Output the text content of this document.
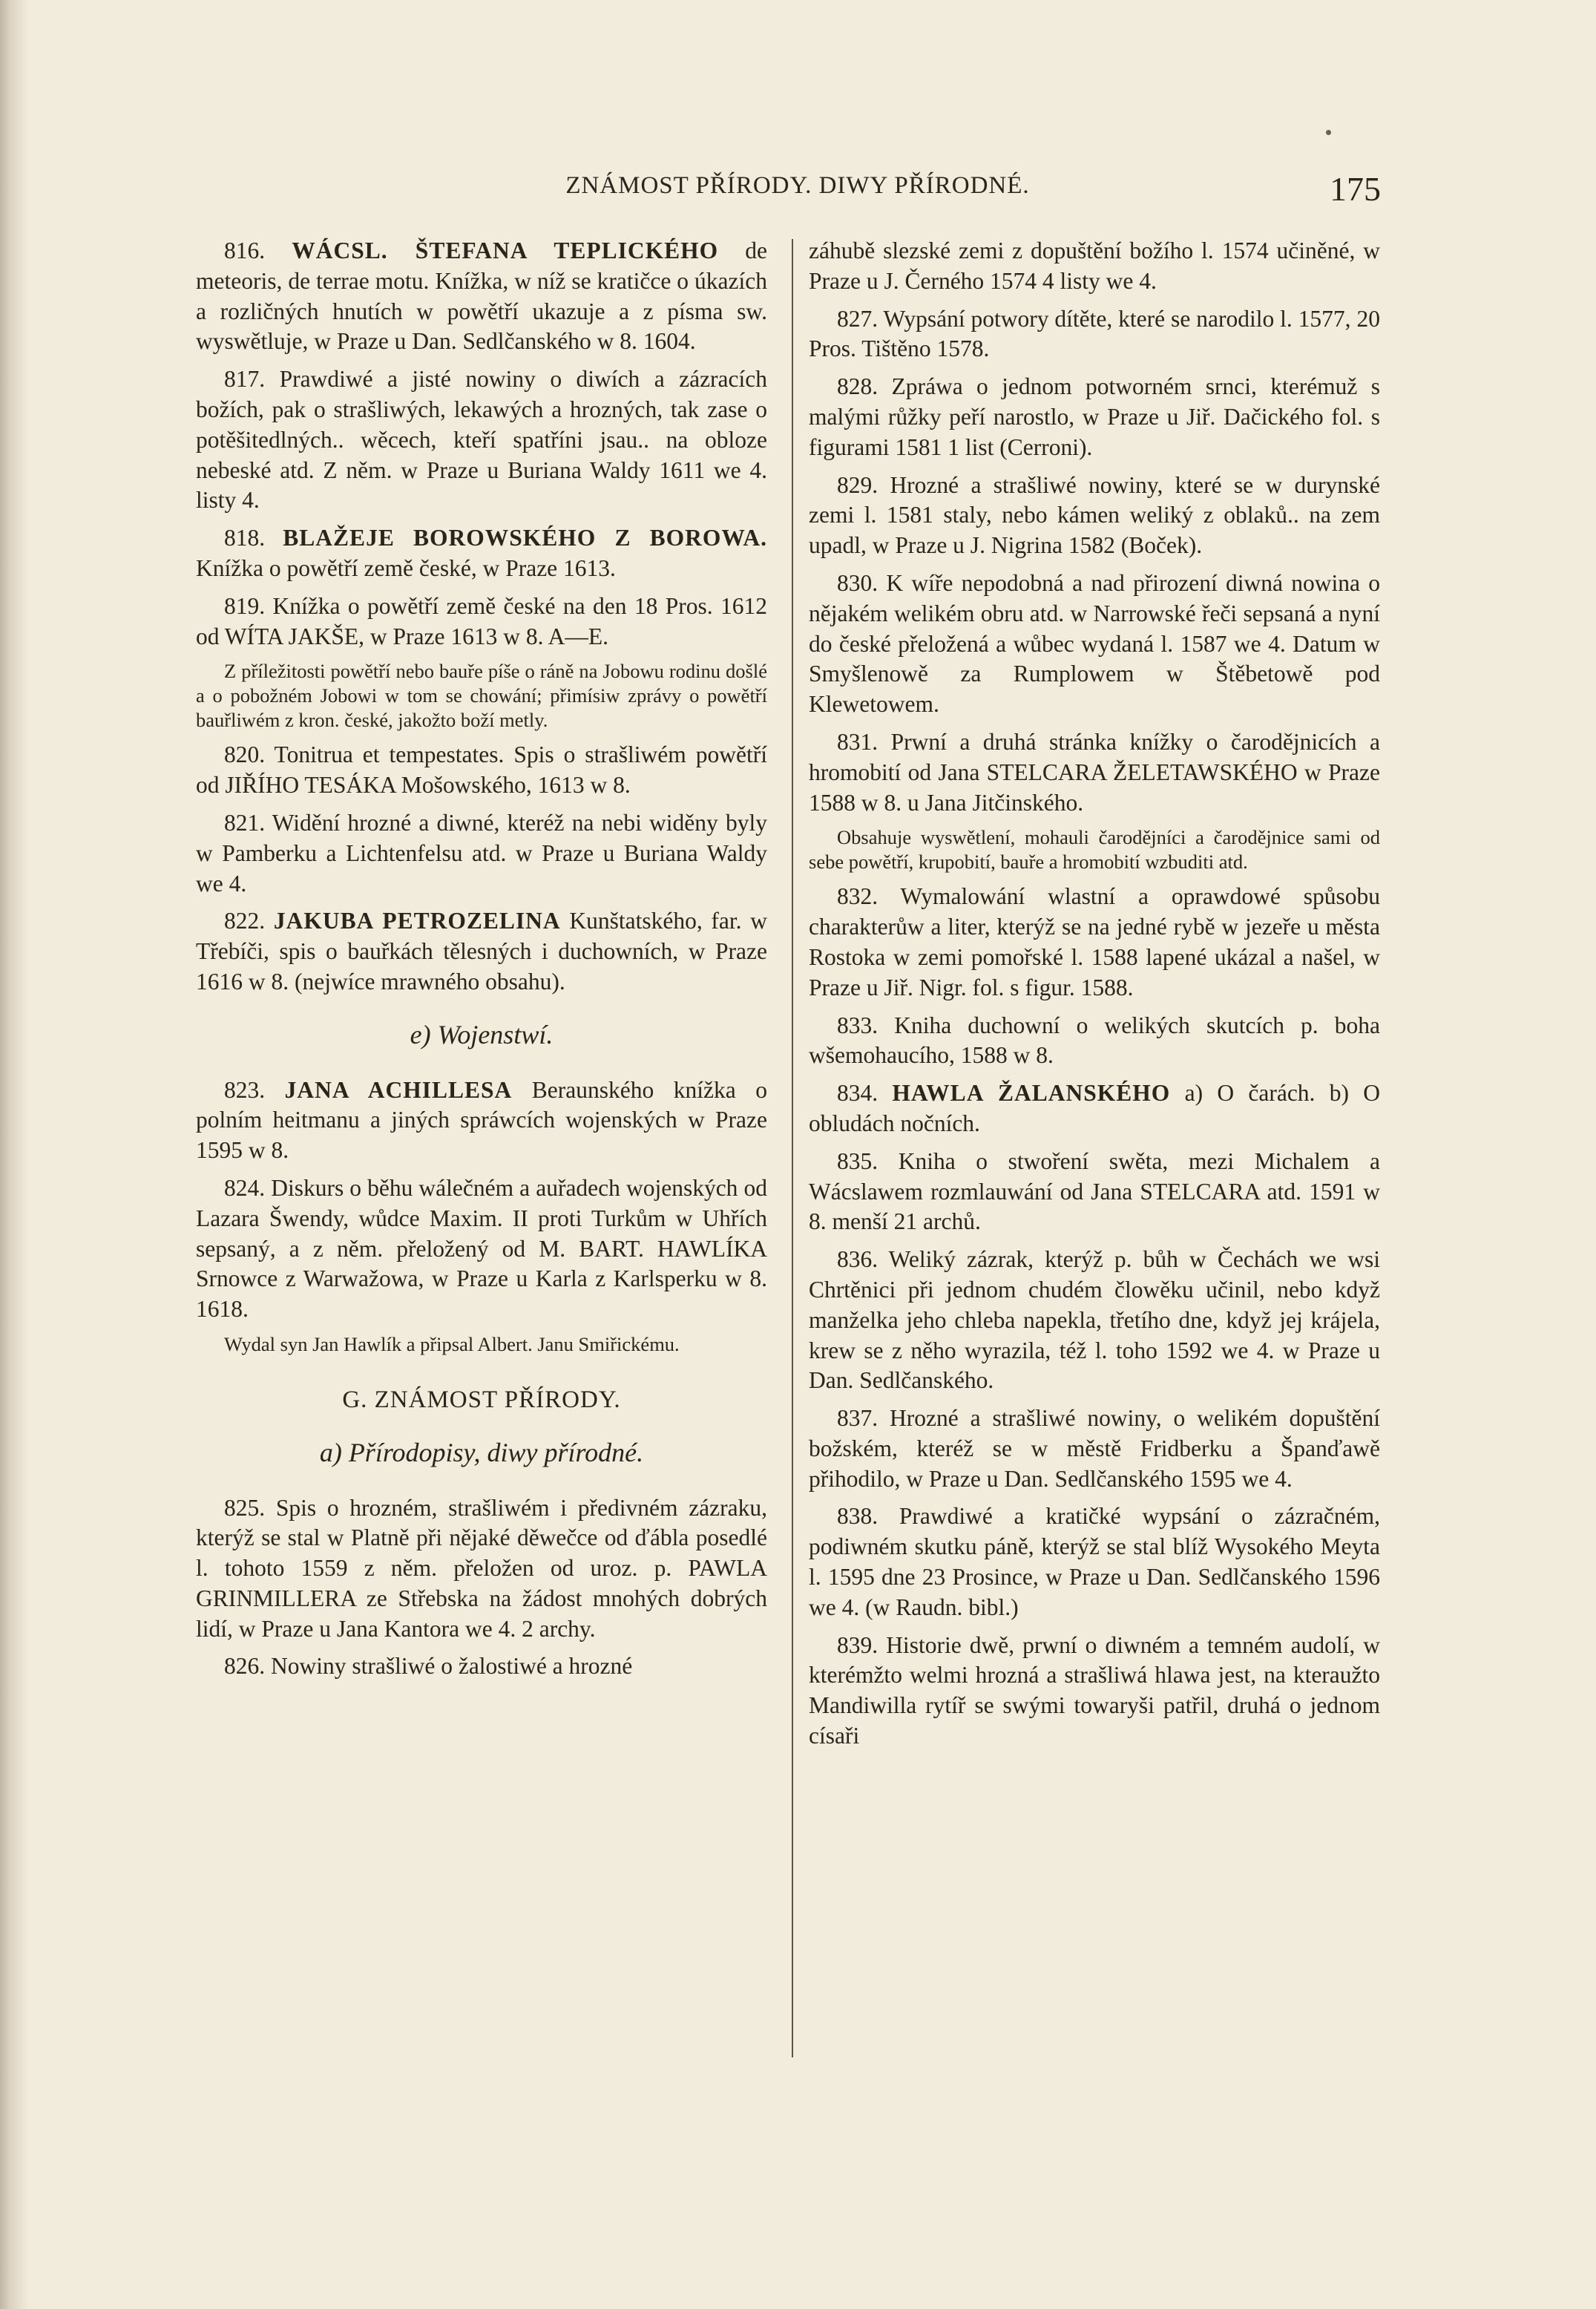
ZNÁMOST PŘÍRODY. DIWY PŘÍRODNÉ.	175
816. WÁCSL. ŠTEFANA TEPLICKÉHO de meteoris, de terrae motu. Knížka, w níž se kratičce o úkazích a rozličných hnutích w powětří ukazuje a z písma sw. wyswětluje, w Praze u Dan. Sedlčanského w 8. 1604.
817. Prawdiwé a jisté nowiny o diwích a zázracích božích, pak o strašliwých, lekawých a hrozných, tak zase o potěšitedlných.. wěcech, kteří spatříni jsau.. na obloze nebeské atd. Z něm. w Praze u Buriana Waldy 1611 we 4. listy 4.
818. BLAŽEJE BOROWSKÉHO Z BOROWA. Knížka o powětří země české, w Praze 1613.
819. Knížka o powětří země české na den 18 Pros. 1612 od WÍTA JAKŠE, w Praze 1613 w 8. A—E.
Z příležitosti powětří nebo bauře píše o ráně na Jobowu rodinu došlé a o pobožném Jobowi w tom se chowání; přimísiw zprávy o powětří bauřliwém z kron. české, jakožto boží metly.
820. Tonitrua et tempestates. Spis o strašliwém powětří od JIŘÍHO TESÁKA Mošowského, 1613 w 8.
821. Widění hrozné a diwné, kteréž na nebi widěny byly w Pamberku a Lichtenfelsu atd. w Praze u Buriana Waldy we 4.
822. JAKUBA PETROZELINA Kunštatského, far. w Třebíči, spis o bauřkách tělesných i duchowních, w Praze 1616 w 8. (nejwíce mrawného obsahu).
e) Wojenstwí.
823. JANA ACHILLESA Beraunského knížka o polním heitmanu a jiných spráwcích wojenských w Praze 1595 w 8.
824. Diskurs o běhu wálečném a auřadech wojenských od Lazara Šwendy, wůdce Maxim. II proti Turkům w Uhřích sepsaný, a z něm. přeložený od M. BART. HAWLÍKA Srnowce z Warwažowa, w Praze u Karla z Karlsperku w 8. 1618.
Wydal syn Jan Hawlík a připsal Albert. Janu Smiřickému.
G. ZNÁMOST PŘÍRODY.
a) Přírodopisy, diwy přírodné.
825. Spis o hrozném, strašliwém i předivném zázraku, kterýž se stal w Platně při nějaké děwečce od ďábla posedlé l. tohoto 1559 z něm. přeložen od uroz. p. PAWLA GRINMILLERA ze Střebska na žádost mnohých dobrých lidí, w Praze u Jana Kantora we 4. 2 archy.
826. Nowiny strašliwé o žalostiwé a hrozné
záhubě slezské zemi z dopuštění božího l. 1574 učiněné, w Praze u J. Černého 1574 4 listy we 4.
827. Wypsání potwory dítěte, které se narodilo l. 1577, 20 Pros. Tištěno 1578.
828. Zpráwa o jednom potworném srnci, kterémuž s malými růžky peří narostlo, w Praze u Jiř. Dačického fol. s figurami 1581 1 list (Cerroni).
829. Hrozné a strašliwé nowiny, které se w durynské zemi l. 1581 staly, nebo kámen weliký z oblaků.. na zem upadl, w Praze u J. Nigrina 1582 (Boček).
830. K wíře nepodobná a nad přirození diwná nowina o nějakém welikém obru atd. w Narrowské řeči sepsaná a nyní do české přeložená a wůbec wydaná l. 1587 we 4. Datum w Smyšlenowě za Rumplowem w Štěbetowě pod Klewetowem.
831. Prwní a druhá stránka knížky o čarodějnicích a hromobití od Jana STELCARA ŽELETAWSKÉHO w Praze 1588 w 8. u Jana Jitčinského.
Obsahuje wyswětlení, mohauli čarodějníci a čarodějnice sami od sebe powětří, krupobití, bauře a hromobití wzbuditi atd.
832. Wymalowání wlastní a oprawdowé spůsobu charakterůw a liter, kterýž se na jedné rybě w jezeře u města Rostoka w zemi pomořské l. 1588 lapené ukázal a našel, w Praze u Jiř. Nigr. fol. s figur. 1588.
833. Kniha duchowní o welikých skutcích p. boha wšemohaucího, 1588 w 8.
834. HAWLA ŽALANSKÉHO a) O čarách. b) O obludách nočních.
835. Kniha o stwoření swěta, mezi Michalem a Wácslawem rozmlauwání od Jana STELCARA atd. 1591 w 8. menší 21 archů.
836. Weliký zázrak, kterýž p. bůh w Čechách we wsi Chrtěnici při jednom chudém člowěku učinil, nebo když manželka jeho chleba napekla, třetího dne, když jej krájela, krew se z něho wyrazila, též l. toho 1592 we 4. w Praze u Dan. Sedlčanského.
837. Hrozné a strašliwé nowiny, o welikém dopuštění božském, kteréž se w městě Fridberku a Španďawě přihodilo, w Praze u Dan. Sedlčanského 1595 we 4.
838. Prawdiwé a kratičké wypsání o zázračném, podiwném skutku páně, kterýž se stal blíž Wysokého Meyta l. 1595 dne 23 Prosince, w Praze u Dan. Sedlčanského 1596 we 4. (w Raudn. bibl.)
839. Historie dwě, prwní o diwném a temném audolí, w kterémžto welmi hrozná a strašliwá hlawa jest, na kteraužto Mandiwilla rytíř se swými towaryši patřil, druhá o jednom císaři
